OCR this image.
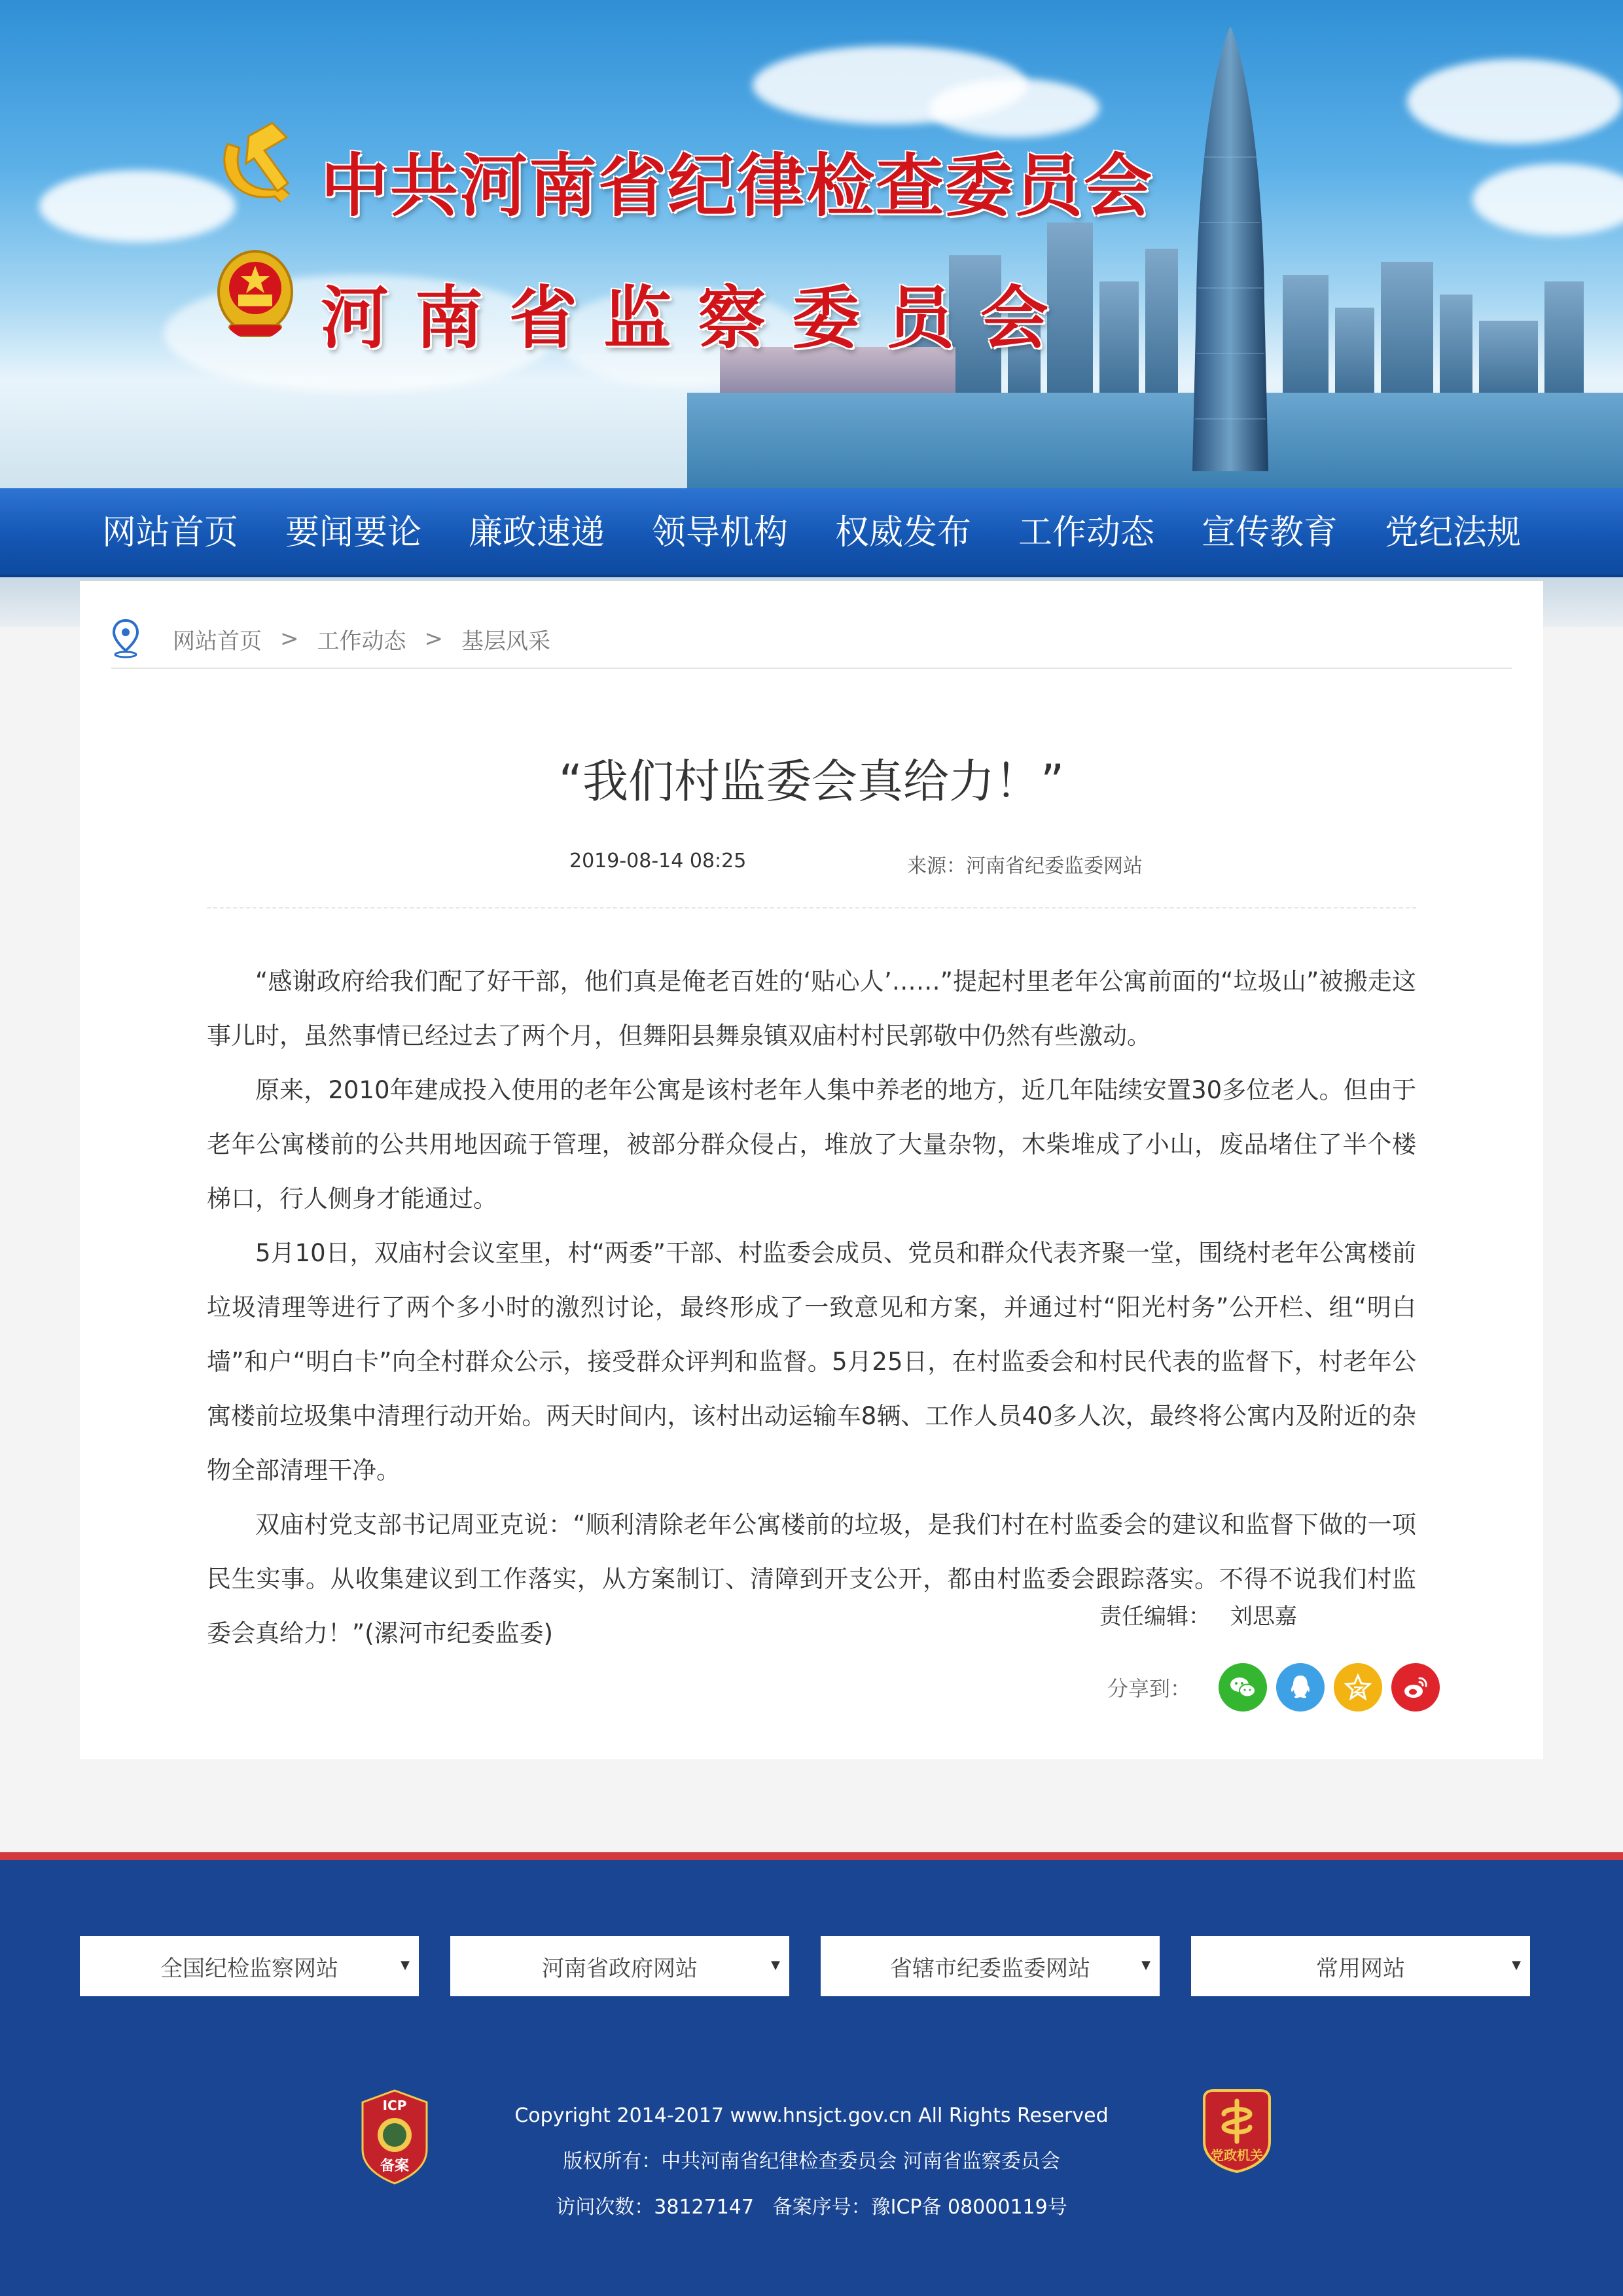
中共河南省纪律检查委员会
河南省监察委员会
网站首页	要闻要论	廉政速递	领导机构	权威发布	工作动态	宣传教育	党纪法规
网站首页 > 工作动态 > 基层风采
“我们村监委会真给力！”
2019-08-14 08:25	来源：河南省纪委监委网站

“感谢政府给我们配了好干部，他们真是俺老百姓的‘贴心人’……”提起村里老年公寓前面的“垃圾山”被搬走这事儿时，虽然事情已经过去了两个月，但舞阳县舞泉镇双庙村村民郭敬中仍然有些激动。

原来，2010年建成投入使用的老年公寓是该村老年人集中养老的地方，近几年陆续安置30多位老人。但由于老年公寓楼前的公共用地因疏于管理，被部分群众侵占，堆放了大量杂物，木柴堆成了小山，废品堵住了半个楼梯口，行人侧身才能通过。

5月10日，双庙村会议室里，村“两委”干部、村监委会成员、党员和群众代表齐聚一堂，围绕村老年公寓楼前垃圾清理等进行了两个多小时的激烈讨论，最终形成了一致意见和方案，并通过村“阳光村务”公开栏、组“明白墙”和户“明白卡”向全村群众公示，接受群众评判和监督。5月25日，在村监委会和村民代表的监督下，村老年公寓楼前垃圾集中清理行动开始。两天时间内，该村出动运输车8辆、工作人员40多人次，最终将公寓内及附近的杂物全部清理干净。

双庙村党支部书记周亚克说：“顺利清除老年公寓楼前的垃圾，是我们村在村监委会的建议和监督下做的一项民生实事。从收集建议到工作落实，从方案制订、清障到开支公开，都由村监委会跟踪落实。不得不说我们村监委会真给力！”(漯河市纪委监委)

责任编辑： 刘思嘉
分享到：
全国纪检监察网站	▼	河南省政府网站	▼	省辖市纪委监委网站	▼	常用网站	▼
ICP
备案
Copyright 2014-2017 www.hnsjct.gov.cn All Rights Reserved
版权所有：中共河南省纪律检查委员会 河南省监察委员会
访问次数：38127147 备案序号：豫ICP备 08000119号
党政机关
